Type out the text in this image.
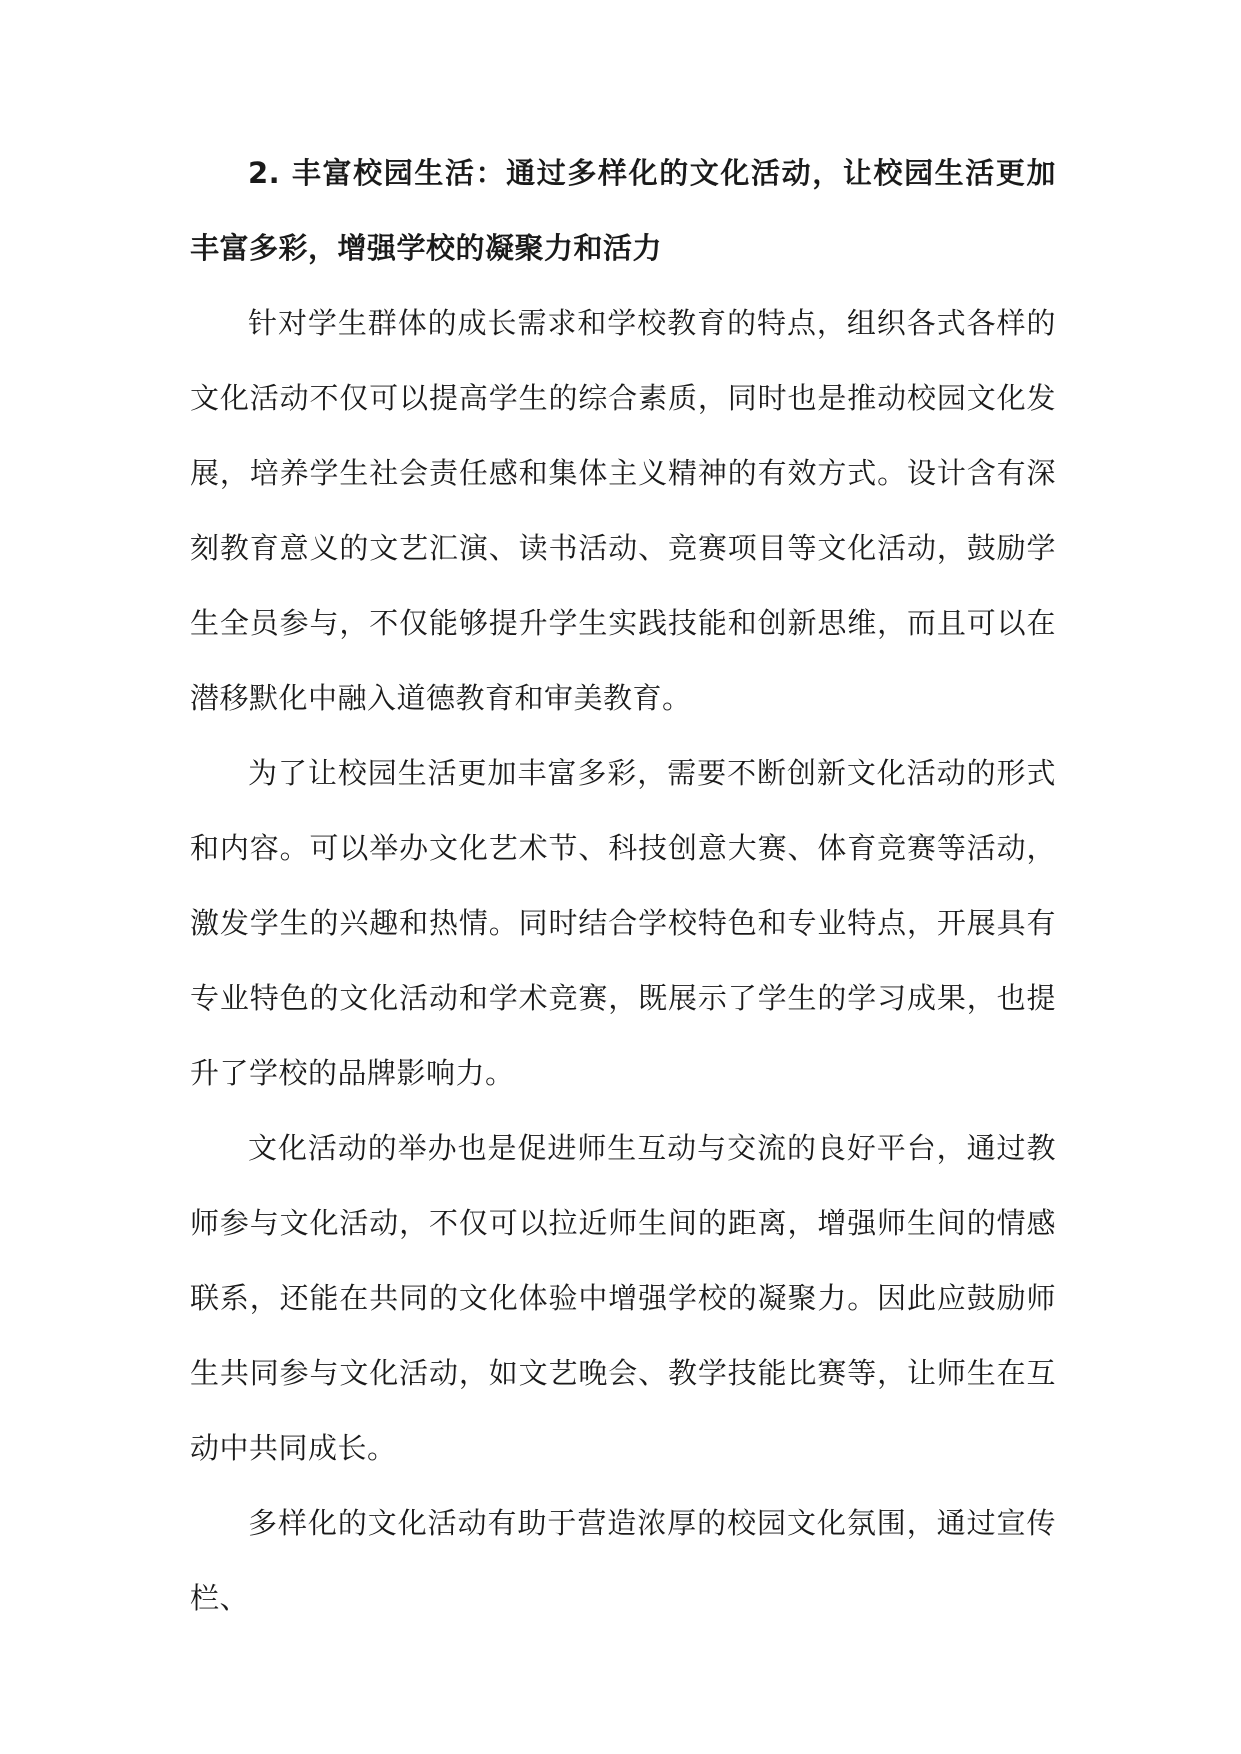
2. 丰富校园生活：通过多样化的文化活动，让校园生活更加丰富多彩，增强学校的凝聚力和活力

针对学生群体的成长需求和学校教育的特点，组织各式各样的文化活动不仅可以提高学生的综合素质，同时也是推动校园文化发展，培养学生社会责任感和集体主义精神的有效方式。设计含有深刻教育意义的文艺汇演、读书活动、竞赛项目等文化活动，鼓励学生全员参与，不仅能够提升学生实践技能和创新思维，而且可以在潜移默化中融入道德教育和审美教育。

为了让校园生活更加丰富多彩，需要不断创新文化活动的形式和内容。可以举办文化艺术节、科技创意大赛、体育竞赛等活动，激发学生的兴趣和热情。同时结合学校特色和专业特点，开展具有专业特色的文化活动和学术竞赛，既展示了学生的学习成果，也提升了学校的品牌影响力。

文化活动的举办也是促进师生互动与交流的良好平台，通过教师参与文化活动，不仅可以拉近师生间的距离，增强师生间的情感联系，还能在共同的文化体验中增强学校的凝聚力。因此应鼓励师生共同参与文化活动，如文艺晚会、教学技能比赛等，让师生在互动中共同成长。

多样化的文化活动有助于营造浓厚的校园文化氛围，通过宣传栏、
